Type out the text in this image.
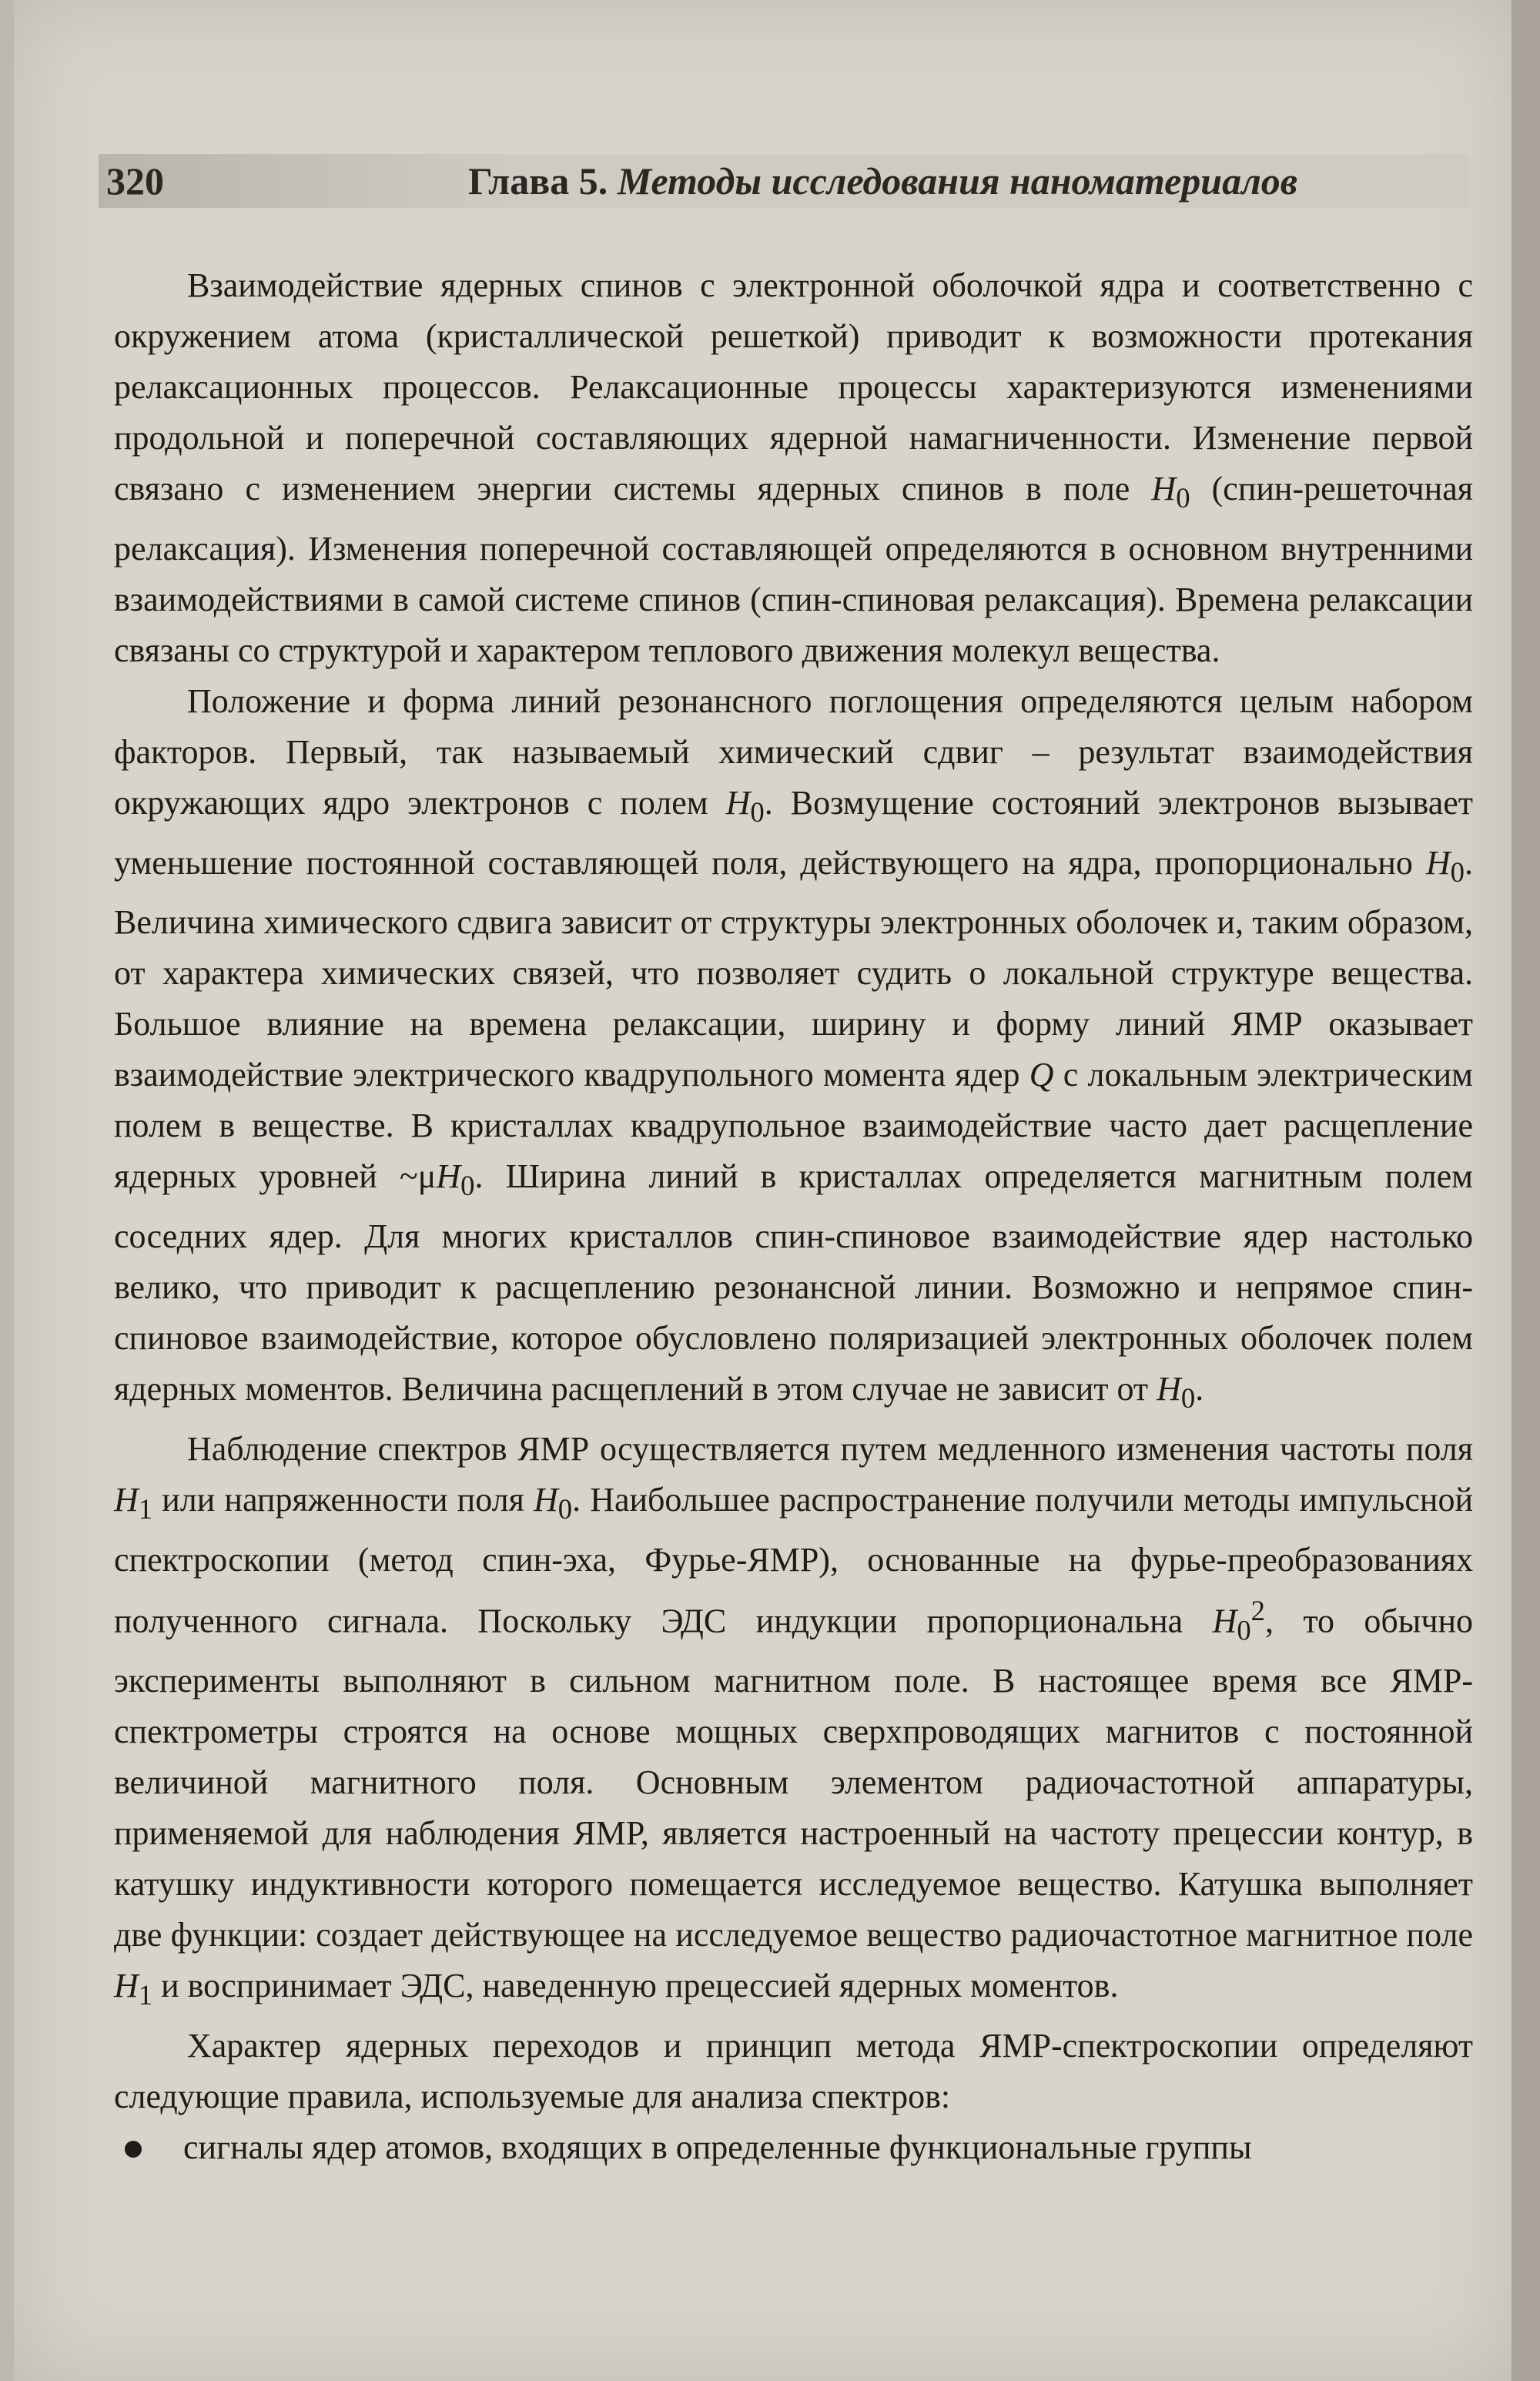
320	Глава 5. Методы исследования наноматериалов

Взаимодействие ядерных спинов с электронной оболочкой ядра и соответственно с окружением атома (кристаллической решеткой) приводит к возможности протекания релаксационных процессов. Релаксационные процессы характеризуются изменениями продольной и поперечной составляющих ядерной намагниченности. Изменение первой связано с изменением энергии системы ядерных спинов в поле $H_0$ (спин-решеточная релаксация). Изменения поперечной составляющей определяются в основном внутренними взаимодействиями в самой системе спинов (спин-спиновая релаксация). Времена релаксации связаны со структурой и характером теплового движения молекул вещества.

Положение и форма линий резонансного поглощения определяются целым набором факторов. Первый, так называемый химический сдвиг – результат взаимодействия окружающих ядро электронов с полем $H_0$. Возмущение состояний электронов вызывает уменьшение постоянной составляющей поля, действующего на ядра, пропорционально $H_0$. Величина химического сдвига зависит от структуры электронных оболочек и, таким образом, от характера химических связей, что позволяет судить о локальной структуре вещества. Большое влияние на времена релаксации, ширину и форму линий ЯМР оказывает взаимодействие электрического квадрупольного момента ядер Q с локальным электрическим полем в веществе. В кристаллах квадрупольное взаимодействие часто дает расщепление ядерных уровней $\sim\mu H_0$. Ширина линий в кристаллах определяется магнитным полем соседних ядер. Для многих кристаллов спин-спиновое взаимодействие ядер настолько велико, что приводит к расщеплению резонансной линии. Возможно и непрямое спин-спиновое взаимодействие, которое обусловлено поляризацией электронных оболочек полем ядерных моментов. Величина расщеплений в этом случае не зависит от $H_0$.

Наблюдение спектров ЯМР осуществляется путем медленного изменения частоты поля $H_1$ или напряженности поля $H_0$. Наибольшее распространение получили методы импульсной спектроскопии (метод спин-эха, Фурье-ЯМР), основанные на фурье-преобразованиях полученного сигнала. Поскольку ЭДС индукции пропорциональна $H_0^2$, то обычно эксперименты выполняют в сильном магнитном поле. В настоящее время все ЯМР-спектрометры строятся на основе мощных сверхпроводящих магнитов с постоянной величиной магнитного поля. Основным элементом радиочастотной аппаратуры, применяемой для наблюдения ЯМР, является настроенный на частоту прецессии контур, в катушку индуктивности которого помещается исследуемое вещество. Катушка выполняет две функции: создает действующее на исследуемое вещество радиочастотное магнитное поле $H_1$ и воспринимает ЭДС, наведенную прецессией ядерных моментов.

Характер ядерных переходов и принцип метода ЯМР-спектроскопии определяют следующие правила, используемые для анализа спектров:

сигналы ядер атомов, входящих в определенные функциональные группы
